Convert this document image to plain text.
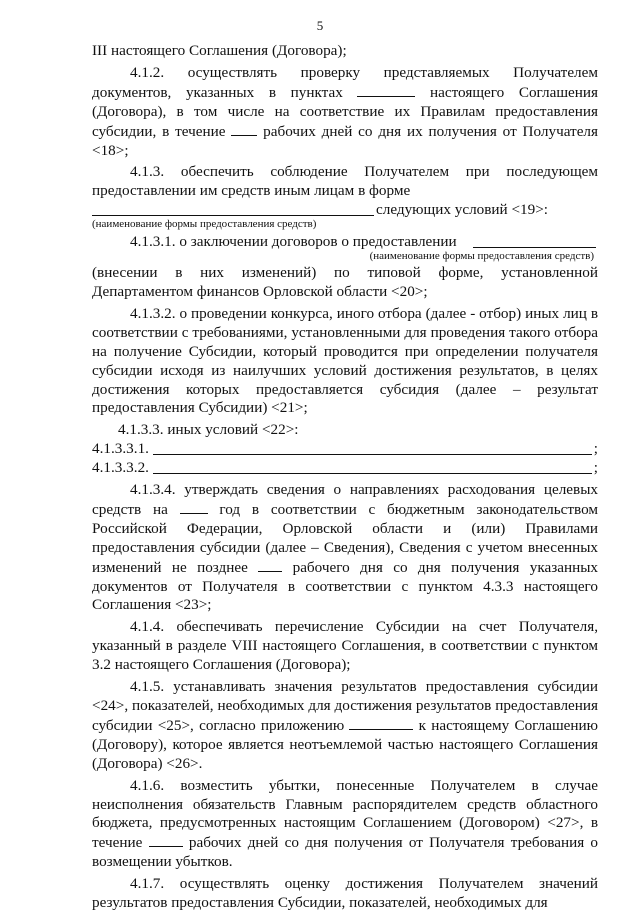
5

III настоящего Соглашения (Договора);

4.1.2. осуществлять проверку представляемых Получателем документов, указанных в пунктах	настоящего Соглашения (Договора), в том числе на соответствие их Правилам предоставления субсидии, в течение рабочих дней со дня их получения от Получателя <18>;

4.1.3. обеспечить соблюдение Получателем при последующем предоставлении им средств иным лицам в форме

следующих условий <19>:
(наименование формы предоставления средств)
4.1.3.1. о заключении договоров о предоставлении
(наименование формы предоставления средств)

(внесении в них изменений) по типовой форме, установленной Департаментом финансов Орловской области <20>;

4.1.3.2. о проведении конкурса, иного отбора (далее - отбор) иных лиц в соответствии с требованиями, установленными для проведения такого отбора на получение Субсидии, который проводится при определении получателя субсидии исходя из наилучших условий достижения результатов, в целях достижения которых предоставляется субсидия (далее – результат предоставления Субсидии) <21>;

4.1.3.3. иных условий <22>:

4.1.3.3.1.	;
4.1.3.3.2.	;

4.1.3.4. утверждать сведения о направлениях расходования целевых средств на	год в соответствии с бюджетным законодательством Российской Федерации, Орловской области и (или) Правилами предоставления субсидии (далее – Сведения), Сведения с учетом внесенных изменений не позднее	рабочего дня со дня получения указанных документов от Получателя в соответствии с пунктом 4.3.3 настоящего Соглашения <23>;

4.1.4. обеспечивать перечисление Субсидии на счет Получателя, указанный в разделе VIII настоящего Соглашения, в соответствии с пунктом 3.2 настоящего Соглашения (Договора);

4.1.5. устанавливать значения результатов предоставления субсидии <24>, показателей, необходимых для достижения результатов предоставления субсидии <25>, согласно приложению	к настоящему Соглашению (Договору), которое является неотъемлемой частью настоящего Соглашения (Договора) <26>.

4.1.6. возместить убытки, понесенные Получателем в случае неисполнения обязательств Главным распорядителем средств областного бюджета, предусмотренных настоящим Соглашением (Договором) <27>, в течение	рабочих дней со дня получения от Получателя требования о возмещении убытков.

4.1.7. осуществлять оценку достижения Получателем значений результатов предоставления Субсидии, показателей, необходимых для
